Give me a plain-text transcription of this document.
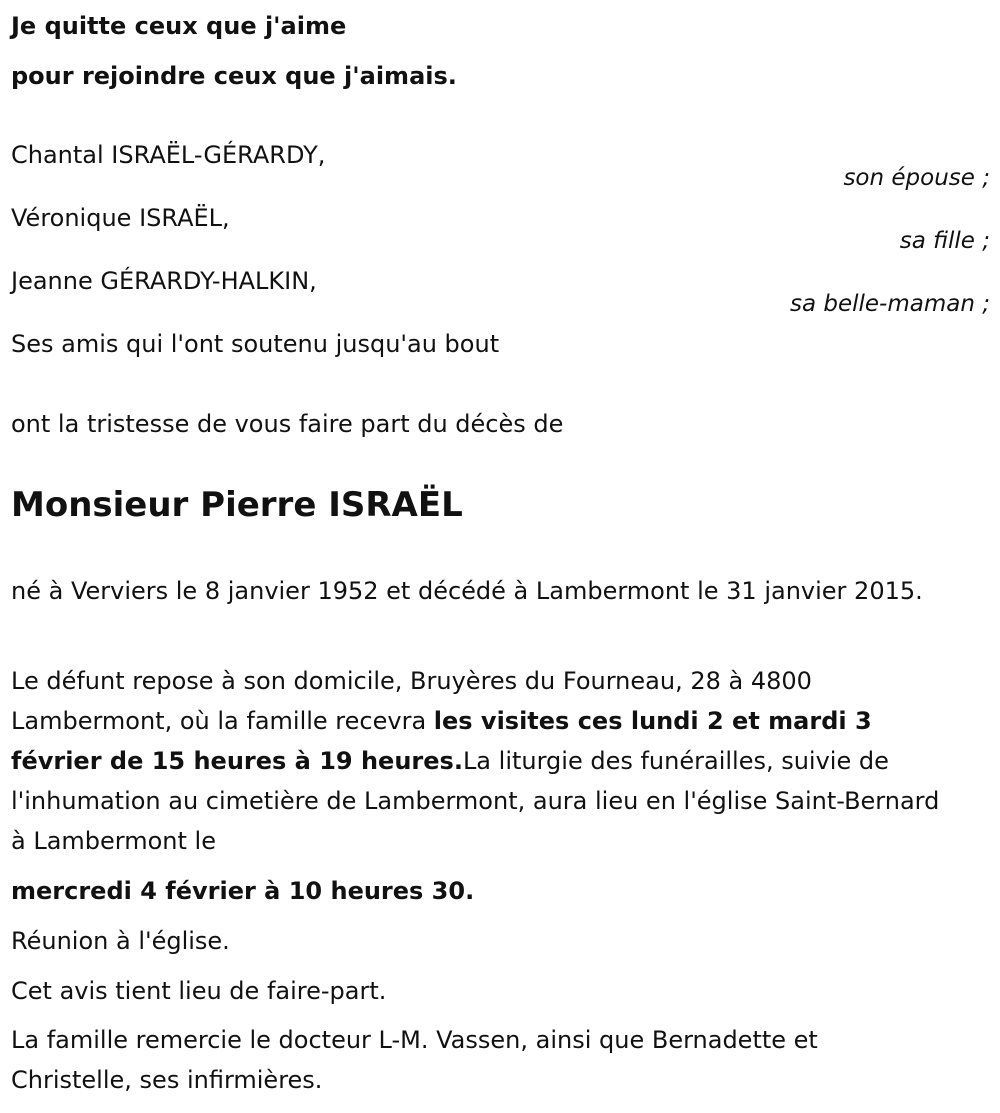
Je quitte ceux que j'aime
pour rejoindre ceux que j'aimais.
Chantal ISRAËL-GÉRARDY,
son épouse ;
Véronique ISRAËL,
sa fille ;
Jeanne GÉRARDY-HALKIN,
sa belle-maman ;
Ses amis qui l'ont soutenu jusqu'au bout
ont la tristesse de vous faire part du décès de
Monsieur Pierre ISRAËL
né à Verviers le 8 janvier 1952 et décédé à Lambermont le 31 janvier 2015.
Le défunt repose à son domicile, Bruyères du Fourneau, 28 à 4800 Lambermont, où la famille recevra les visites ces lundi 2 et mardi 3 février de 15 heures à 19 heures.La liturgie des funérailles, suivie de l'inhumation au cimetière de Lambermont, aura lieu en l'église Saint-Bernard à Lambermont le
mercredi 4 février à 10 heures 30.
Réunion à l'église.
Cet avis tient lieu de faire-part.
La famille remercie le docteur L-M. Vassen, ainsi que Bernadette et Christelle, ses infirmières.
